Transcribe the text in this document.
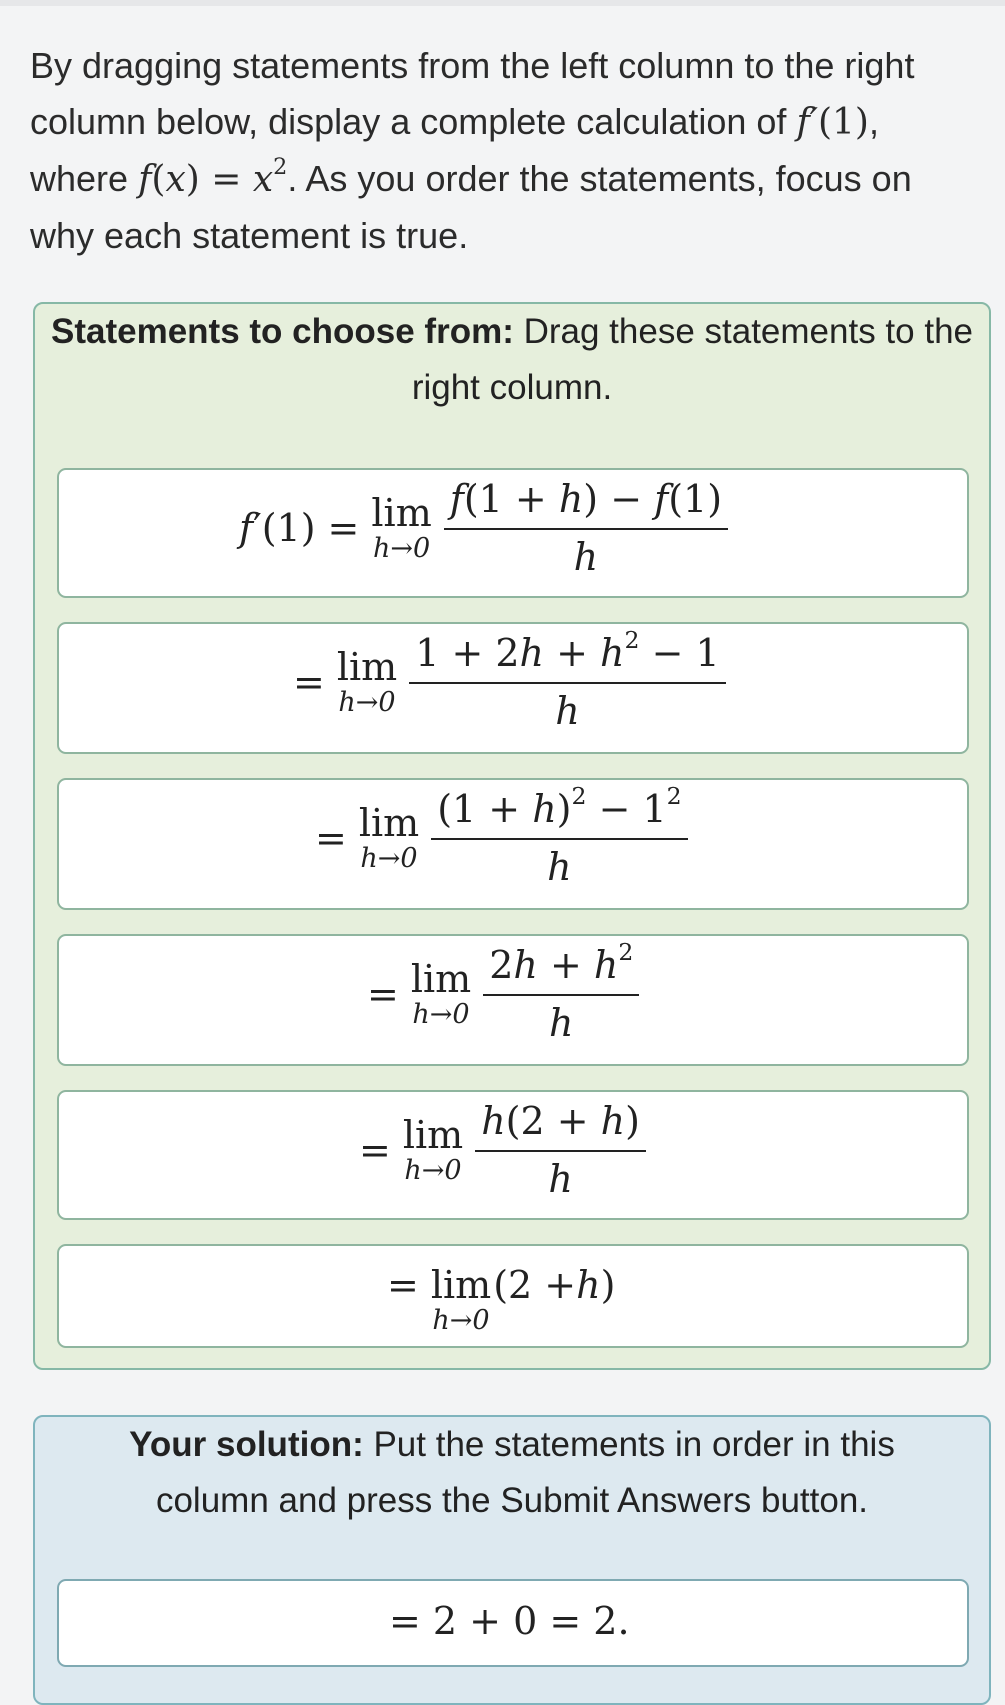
By dragging statements from the left column to the right column below, display a complete calculation of f′(1), where $f(x) = x^2$. As you order the statements, focus on why each statement is true.
Statements to choose from: Drag these statements to the right column.
f ′(1) = lim
$h\to 0 \frac{f(1 + h) - f(1)}{h}$
= lim
$h\to 0 \frac{1 + 2h + h^2 - 1}{h}$
= lim
$h\to 0 \frac{(1 + h)^2 - 1^2}{h}$
= lim
$h\to 0 \frac{2h + h^2}{h}$
= lim
$h\to 0 \frac{h(2 + h)}{h}$
= lim
h→0
(2 + h )
Your solution: Put the statements in order in this column and press the Submit Answers button.
= 2 + 0 = 2.
